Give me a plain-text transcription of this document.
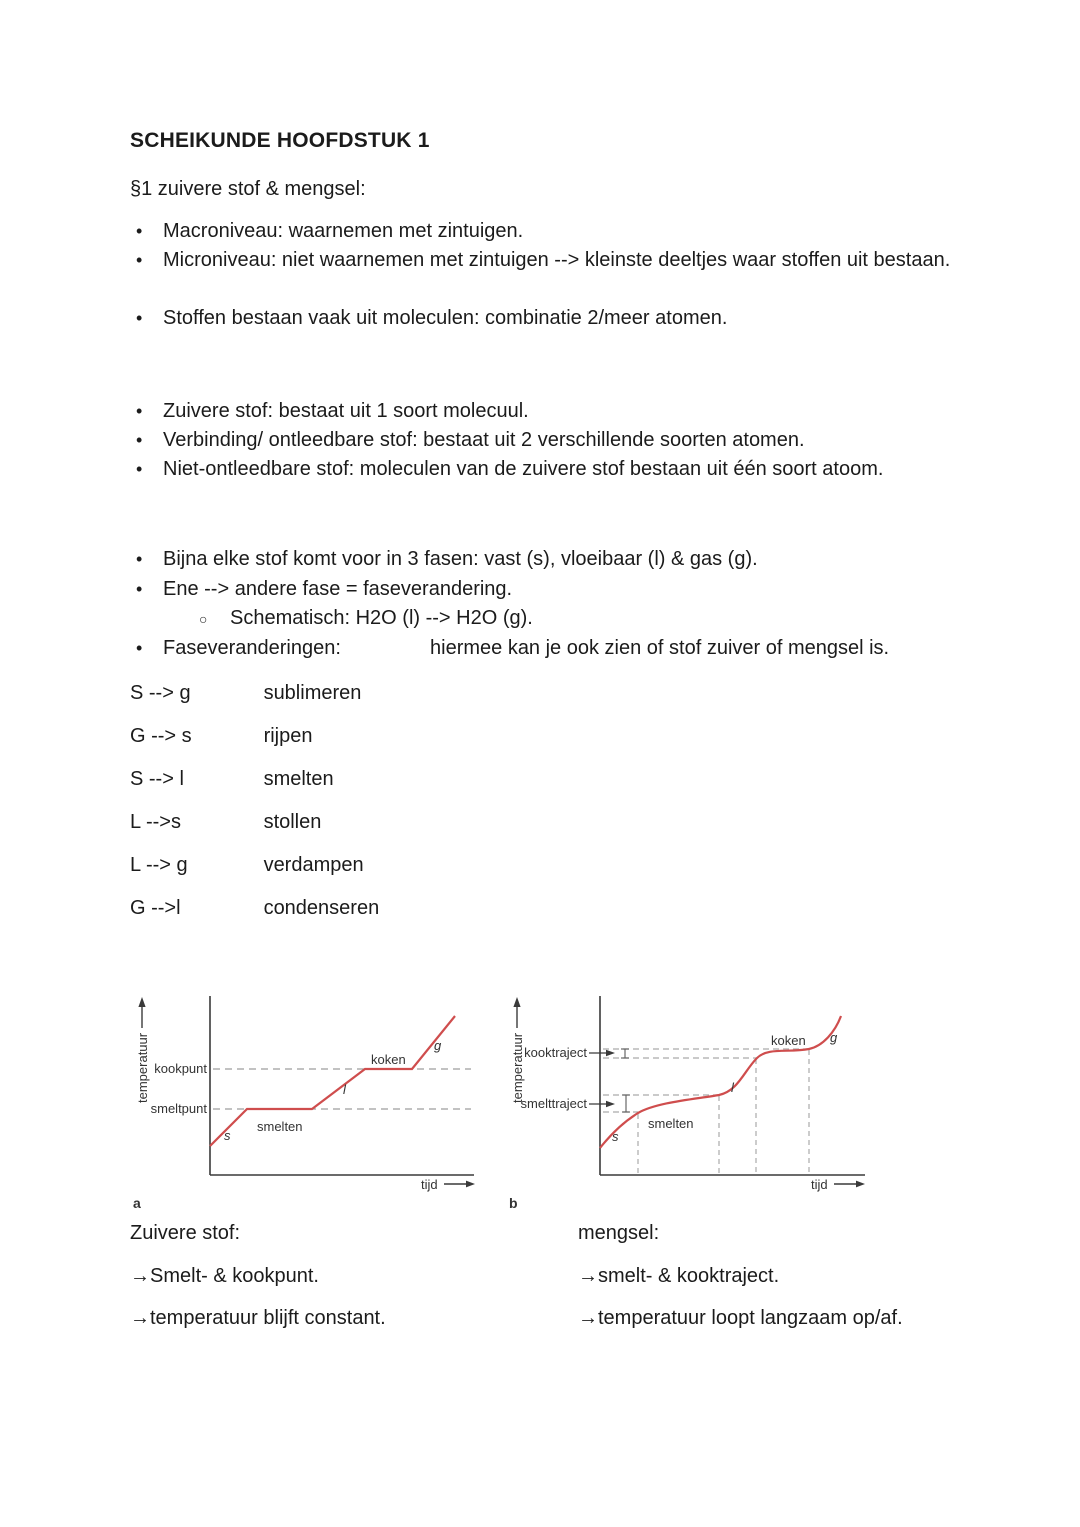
SCHEIKUNDE HOOFDSTUK 1
§1 zuivere stof & mengsel:
• Macroniveau: waarnemen met zintuigen.
• Microniveau: niet waarnemen met zintuigen --> kleinste deeltjes waar stoffen uit bestaan.
• Stoffen bestaan vaak uit moleculen: combinatie 2/meer atomen.
• Zuivere stof: bestaat uit 1 soort molecuul.
• Verbinding/ ontleedbare stof: bestaat uit 2 verschillende soorten atomen.
• Niet-ontleedbare stof: moleculen van de zuivere stof bestaan uit één soort atoom.
• Bijna elke stof komt voor in 3 fasen: vast (s), vloeibaar (l) & gas (g).
• Ene --> andere fase = faseverandering.
○ Schematisch: H2O (l) --> H2O (g).
• Faseveranderingen:	hiermee kan je ook zien of stof zuiver of mengsel is.
S --> g	sublimeren
G --> s	rijpen
S --> l	smelten
L -->s	stollen
L --> g	verdampen
G -->l	condenseren
temperatuur kookpunt
smeltpunt
s
smelten
l
koken
g
tijd
a
temperatuur kooktraject
smelttraject
s
smelten
l
koken g
tijd
b
Zuivere stof:
→Smelt- & kookpunt.
→temperatuur blijft constant.
mengsel:
→smelt- & kooktraject.
→temperatuur loopt langzaam op/af.
